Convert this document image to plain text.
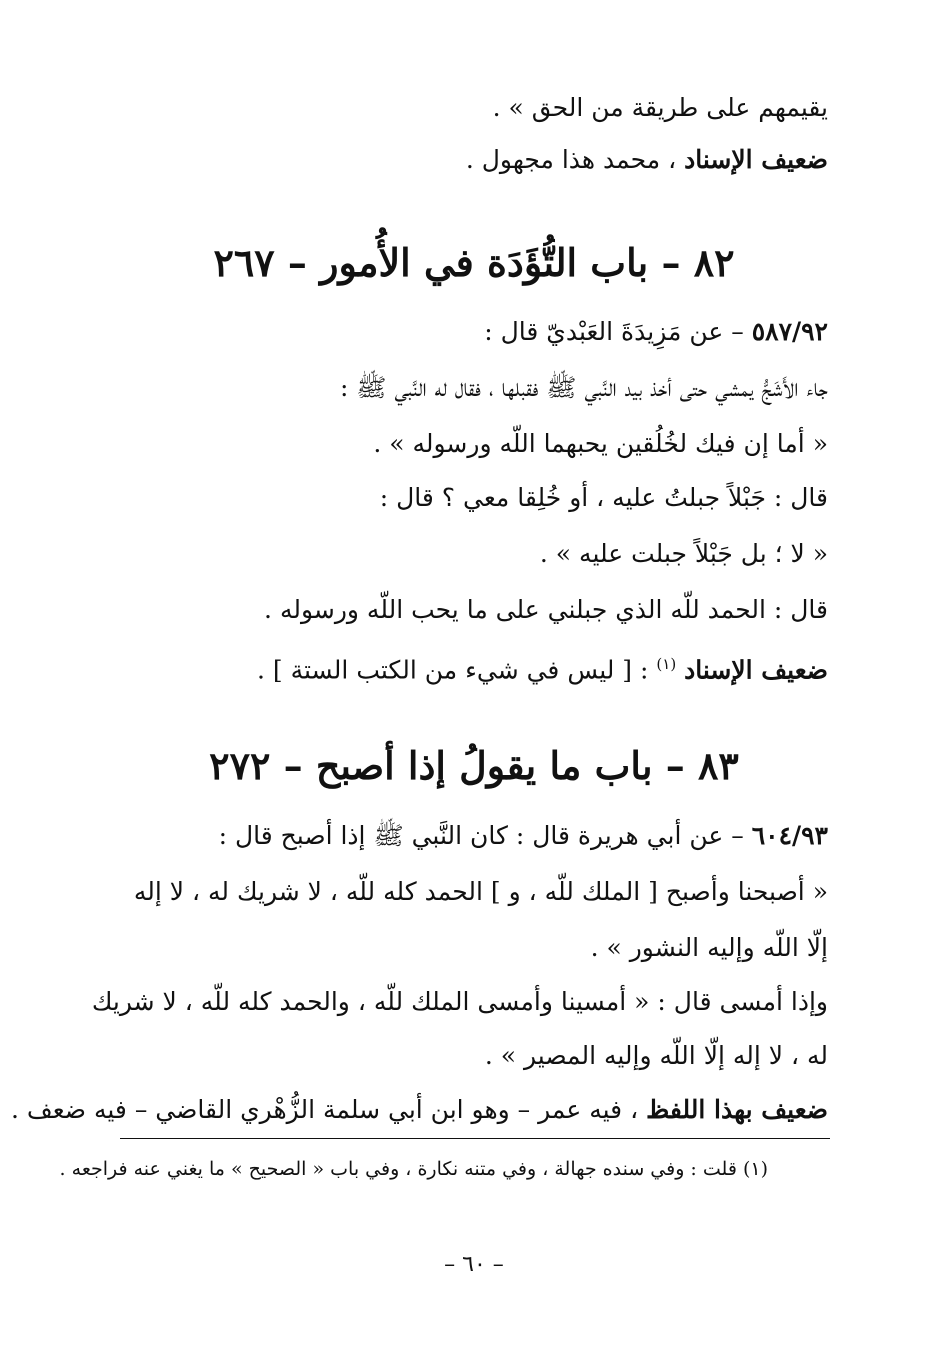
يقيمهم على طريقة من الحق » .
ضعيف الإسناد ، محمد هذا مجهول .
٨٢ – باب التُّؤَدَة في الأُمور – ٢٦٧
٥٨٧/٩٢ – عن مَزِيدَةَ العَبْديّ قال :
جاء الأَشَجُّ يمشي حتى أخذ بيد النَّبي ﷺ فقبلها ، فقال له النَّبي ﷺ :
« أما إن فيك لخُلُقين يحبهما اللّه ورسوله » .
قال : جَبْلاً جبلتُ عليه ، أو خُلِقا معي ؟ قال :
« لا ؛ بل جَبْلاً جبلت عليه » .
قال : الحمد للّه الذي جبلني على ما يحب اللّه ورسوله .
ضعيف الإسناد $^{(١)}$ : [ ليس في شيء من الكتب الستة ] .
٨٣ – باب ما يقولُ إذا أصبح – ٢٧٢
٦٠٤/٩٣ – عن أبي هريرة قال : كان النَّبي ﷺ إذا أصبح قال :
« أصبحنا وأصبح [ الملك للّه ، و ] الحمد كله للّه ، لا شريك له ، لا إله
إلّا اللّه وإليه النشور » .
وإذا أمسى قال : « أمسينا وأمسى الملك للّه ، والحمد كله للّه ، لا شريك
له ، لا إله إلّا اللّه وإليه المصير » .
ضعيف بهذا اللفظ ، فيه عمر – وهو ابن أبي سلمة الزُّهْري القاضي – فيه ضعف .
(١) قلت : وفي سنده جهالة ، وفي متنه نكارة ، وفي باب « الصحيح » ما يغني عنه فراجعه .
– ٦٠ –
